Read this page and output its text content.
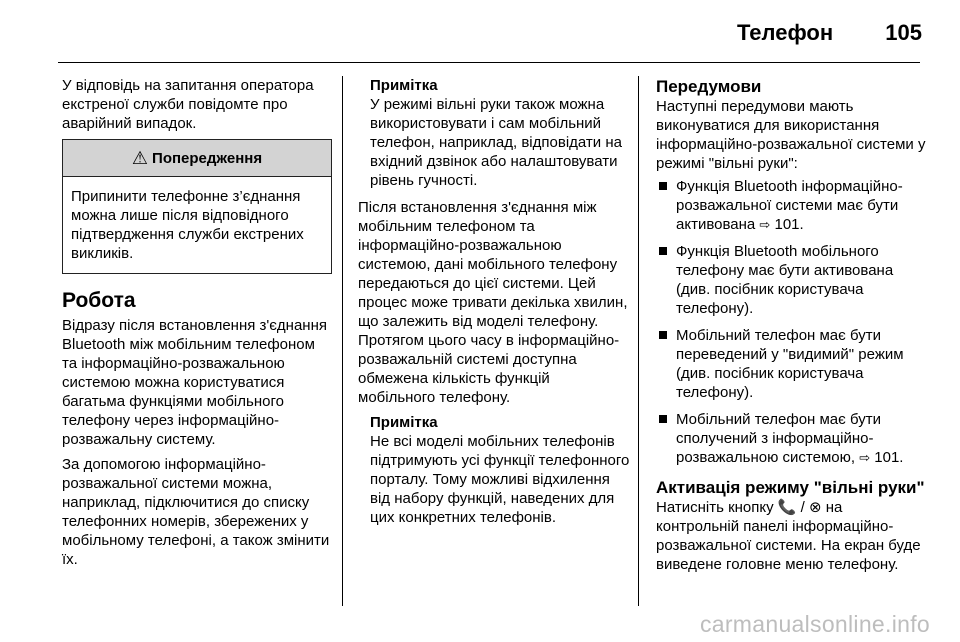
Телефон 105

У відповідь на запитання оператора екстреної служби повідомте про аварійний випадок.

⚠ Попередження
Припинити телефонне з’єднання можна лише після відповідного підтвердження служби екстрених викликів.
Робота

Відразу після встановлення з'єднання Bluetooth між мобільним телефоном та інформаційно-розважальною системою можна користуватися багатьма функціями мобільного телефону через інформаційно-розважальну систему.

За допомогою інформаційно-розважальної системи можна, наприклад, підключитися до списку телефонних номерів, збережених у мобільному телефоні, а також змінити їх.

Примітка
У режимі вільні руки також можна використовувати і сам мобільний телефон, наприклад, відповідати на вхідний дзвінок або налаштовувати рівень гучності.

Після встановлення з'єднання між мобільним телефоном та інформаційно-розважальною системою, дані мобільного телефону передаються до цієї системи. Цей процес може тривати декілька хвилин, що залежить від моделі телефону. Протягом цього часу в інформаційно-розважальній системі доступна обмежена кількість функцій мобільного телефону.

Примітка
Не всі моделі мобільних телефонів підтримують усі функції телефонного порталу. Тому можливі відхилення від набору функцій, наведених для цих конкретних телефонів.
Передумови

Наступні передумови мають виконуватися для використання інформаційно-розважальної системи у режимі "вільні руки":

Функція Bluetooth інформаційно-розважальної системи має бути активована ⇨ 101.
Функція Bluetooth мобільного телефону має бути активована (див. посібник користувача телефону).
Мобільний телефон має бути переведений у "видимий" режим (див. посібник користувача телефону).
Мобільний телефон має бути сполучений з інформаційно-розважальною системою, ⇨ 101.
Активація режиму "вільні руки"

Натисніть кнопку 📞 / ⊗ на контрольній панелі інформаційно-розважальної системи. На екран буде виведене головне меню телефону.

carmanualsonline.info
